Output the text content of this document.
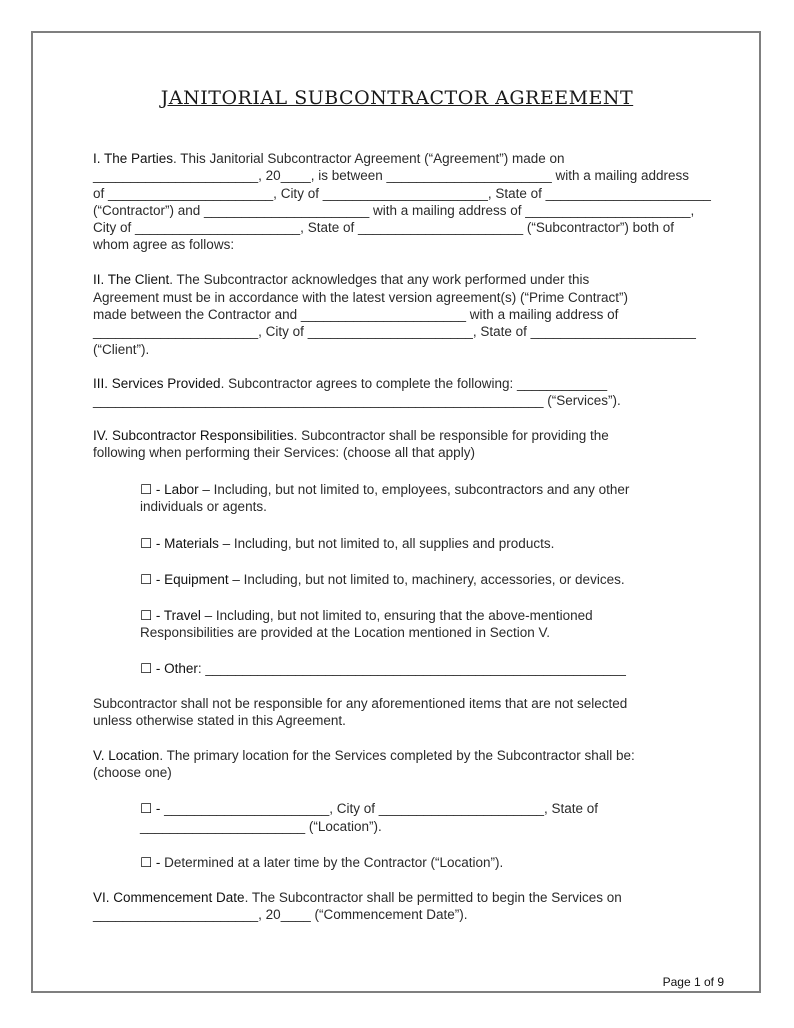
JANITORIAL SUBCONTRACTOR AGREEMENT
I. The Parties. This Janitorial Subcontractor Agreement (“Agreement”) made on
______________________, 20____, is between ______________________ with a mailing address
of ______________________, City of ______________________, State of ______________________
(“Contractor”) and ______________________ with a mailing address of ______________________,
City of ______________________, State of ______________________ (“Subcontractor”) both of
whom agree as follows:
II. The Client. The Subcontractor acknowledges that any work performed under this
Agreement must be in accordance with the latest version agreement(s) (“Prime Contract”)
made between the Contractor and ______________________ with a mailing address of
______________________, City of ______________________, State of ______________________
(“Client”).
III. Services Provided. Subcontractor agrees to complete the following: ____________
____________________________________________________________ (“Services”).
IV. Subcontractor Responsibilities. Subcontractor shall be responsible for providing the
following when performing their Services: (choose all that apply)
☐ - Labor – Including, but not limited to, employees, subcontractors and any other
individuals or agents.
☐ - Materials – Including, but not limited to, all supplies and products.
☐ - Equipment – Including, but not limited to, machinery, accessories, or devices.
☐ - Travel – Including, but not limited to, ensuring that the above-mentioned
Responsibilities are provided at the Location mentioned in Section V.
☐ - Other: ________________________________________________________
Subcontractor shall not be responsible for any aforementioned items that are not selected
unless otherwise stated in this Agreement.
V. Location. The primary location for the Services completed by the Subcontractor shall be:
(choose one)
☐ - ______________________, City of ______________________, State of
______________________ (“Location”).
☐ - Determined at a later time by the Contractor (“Location”).
VI. Commencement Date. The Subcontractor shall be permitted to begin the Services on
______________________, 20____ (“Commencement Date”).
Page 1 of 9
